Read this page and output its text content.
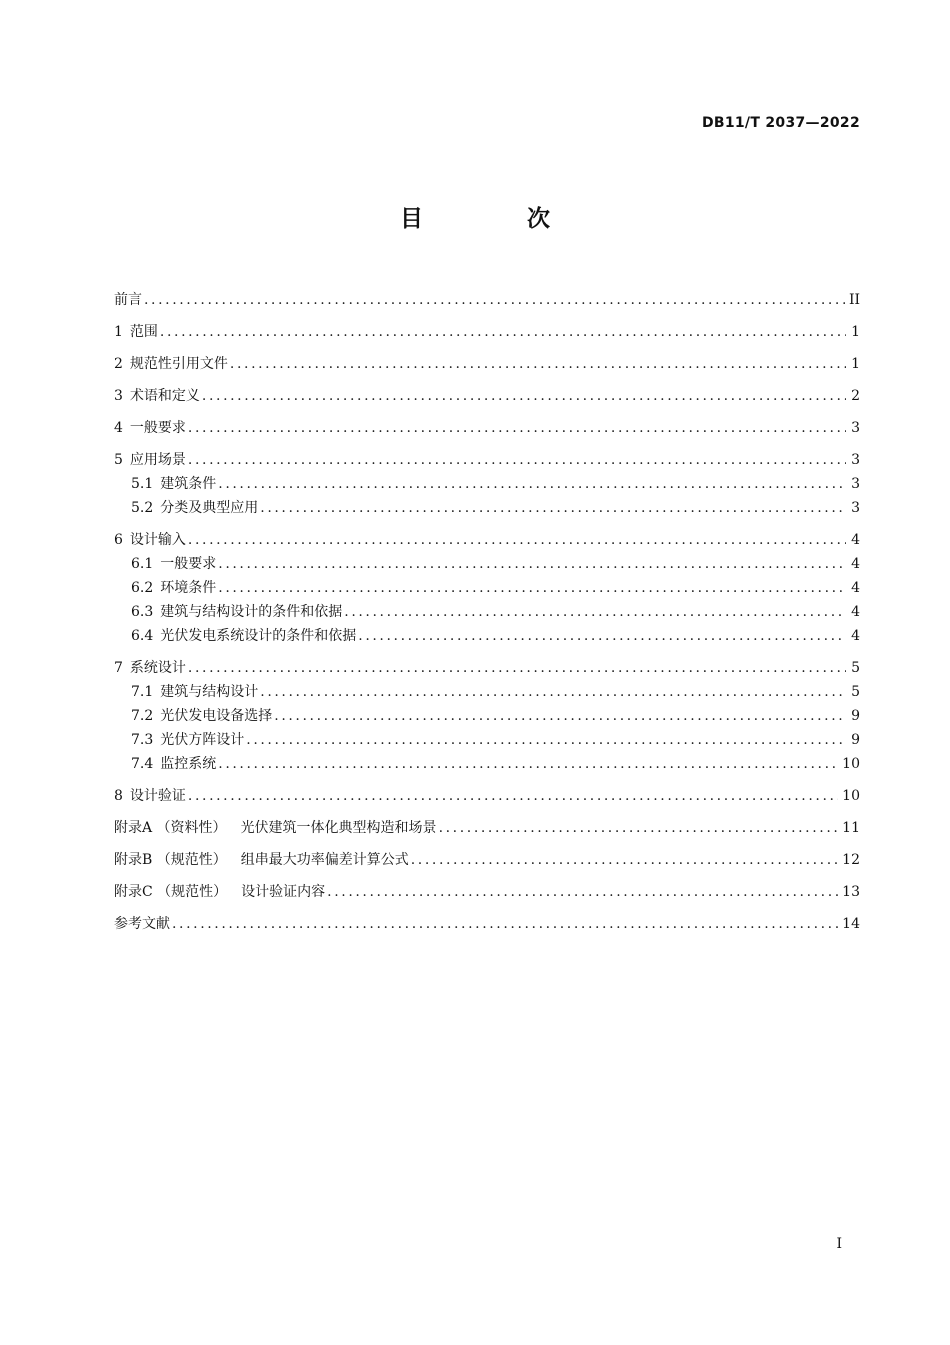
DB11/T 2037—2022
目 次
前言 .....	II
1 范围 .....	1
2 规范性引用文件 .....	1
3 术语和定义 .....	2
4 一般要求 .....	3
5 应用场景 .....	3
5.1 建筑条件 .....	3
5.2 分类及典型应用 .....	3
6 设计输入 .....	4
6.1 一般要求 .....	4
6.2 环境条件 .....	4
6.3 建筑与结构设计的条件和依据 .....	4
6.4 光伏发电系统设计的条件和依据 .....	4
7 系统设计 .....	5
7.1 建筑与结构设计 .....	5
7.2 光伏发电设备选择 .....	9
7.3 光伏方阵设计 .....	9
7.4 监控系统 .....	10
8 设计验证 .....	10
附录A （资料性） 光伏建筑一体化典型构造和场景 .....	11
附录B （规范性） 组串最大功率偏差计算公式 .....	12
附录C （规范性） 设计验证内容 .....	13
参考文献 .....	14
I
